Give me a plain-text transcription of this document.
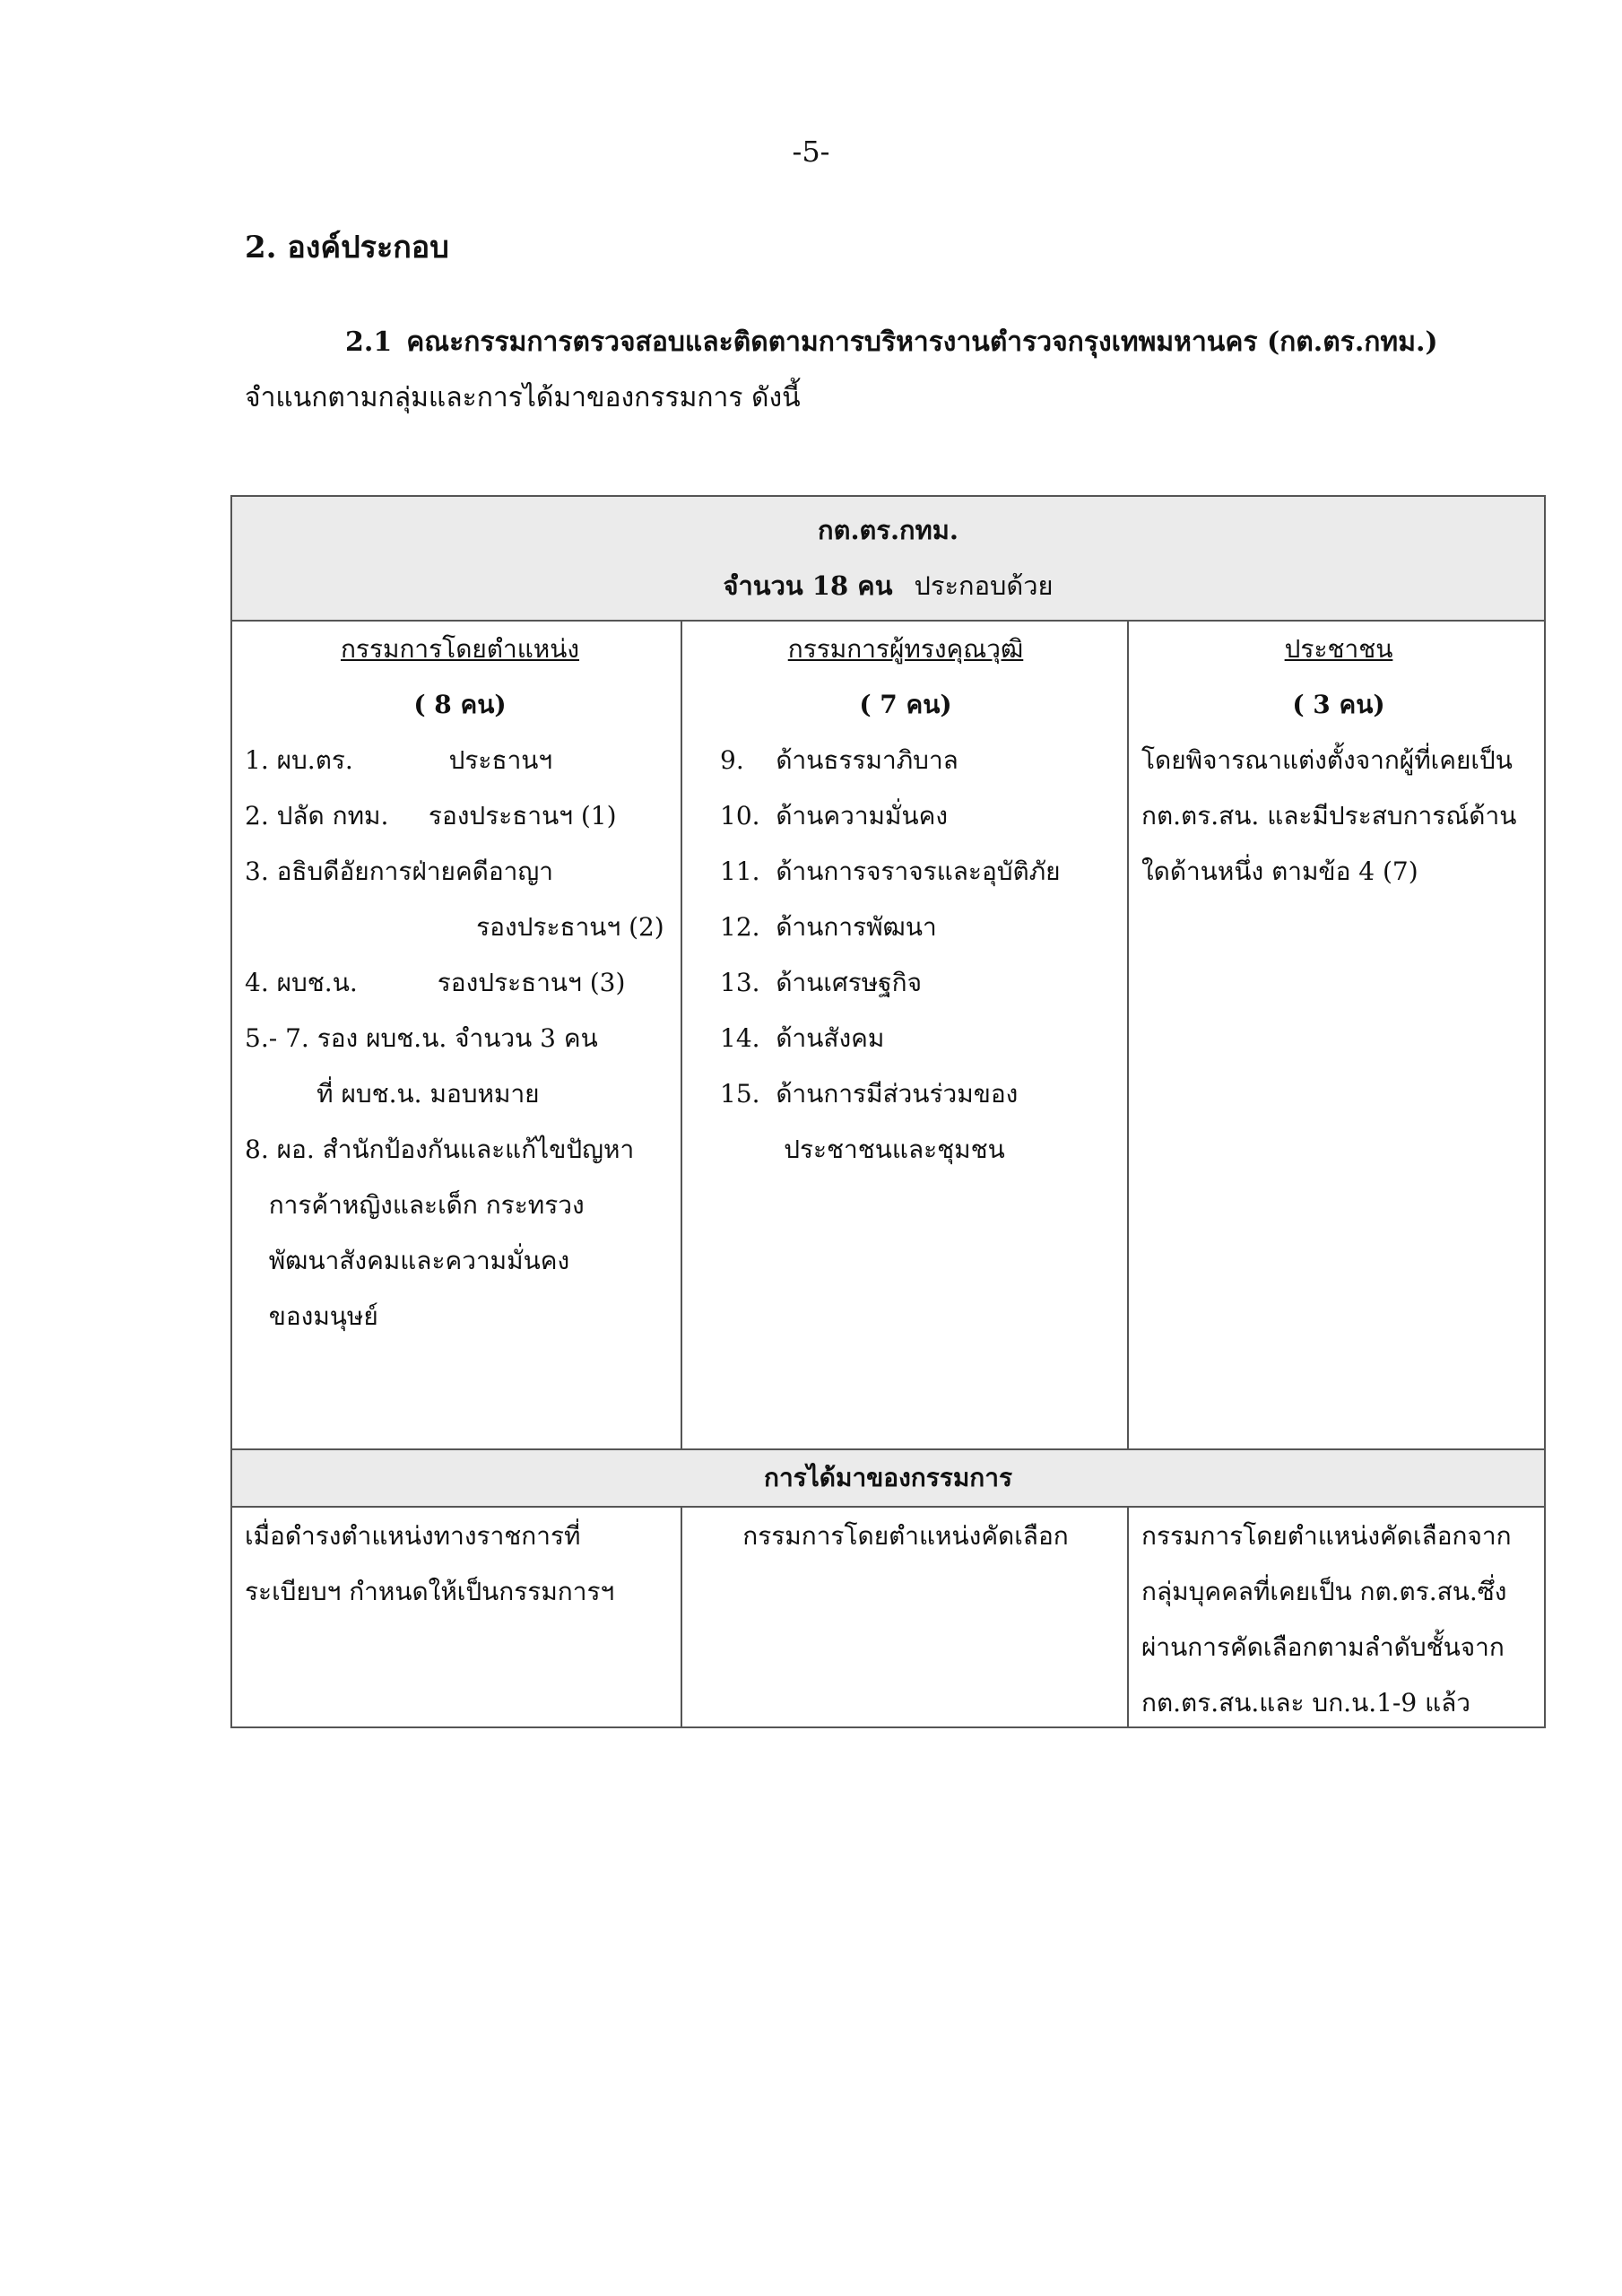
-5-
2. องค์ประกอบ
2.1 คณะกรรมการตรวจสอบและติดตามการบริหารงานตำรวจกรุงเทพมหานคร (กต.ตร.กทม.)
จำแนกตามกลุ่มและการได้มาของกรรมการ ดังนี้
กต.ตร.กทม.
จำนวน 18 คน ประกอบด้วย
กรรมการโดยตำแหน่ง
( 8 คน)
1. ผบ.ตร.            ประธานฯ
2. ปลัด กทม.     รองประธานฯ (1)
3. อธิบดีอัยการฝ่ายคดีอาญา
รองประธานฯ (2)
4. ผบช.น.          รองประธานฯ (3)
5.- 7. รอง ผบช.น. จำนวน 3 คน
ที่ ผบช.น. มอบหมาย
8. ผอ. สำนักป้องกันและแก้ไขปัญหา
การค้าหญิงและเด็ก กระทรวง
พัฒนาสังคมและความมั่นคง
ของมนุษย์
กรรมการผู้ทรงคุณวุฒิ
( 7 คน)
9.    ด้านธรรมาภิบาล
10.  ด้านความมั่นคง
11.  ด้านการจราจรและอุบัติภัย
12.  ด้านการพัฒนา
13.  ด้านเศรษฐกิจ
14.  ด้านสังคม
15.  ด้านการมีส่วนร่วมของ
ประชาชนและชุมชน
ประชาชน
( 3 คน)
โดยพิจารณาแต่งตั้งจากผู้ที่เคยเป็น
กต.ตร.สน. และมีประสบการณ์ด้าน
ใดด้านหนึ่ง ตามข้อ 4 (7)
การได้มาของกรรมการ
เมื่อดำรงตำแหน่งทางราชการที่
ระเบียบฯ กำหนดให้เป็นกรรมการฯ
กรรมการโดยตำแหน่งคัดเลือก	กรรมการโดยตำแหน่งคัดเลือกจาก
กลุ่มบุคคลที่เคยเป็น กต.ตร.สน.ซึ่ง
ผ่านการคัดเลือกตามลำดับชั้นจาก
กต.ตร.สน.และ บก.น.1-9 แล้ว
